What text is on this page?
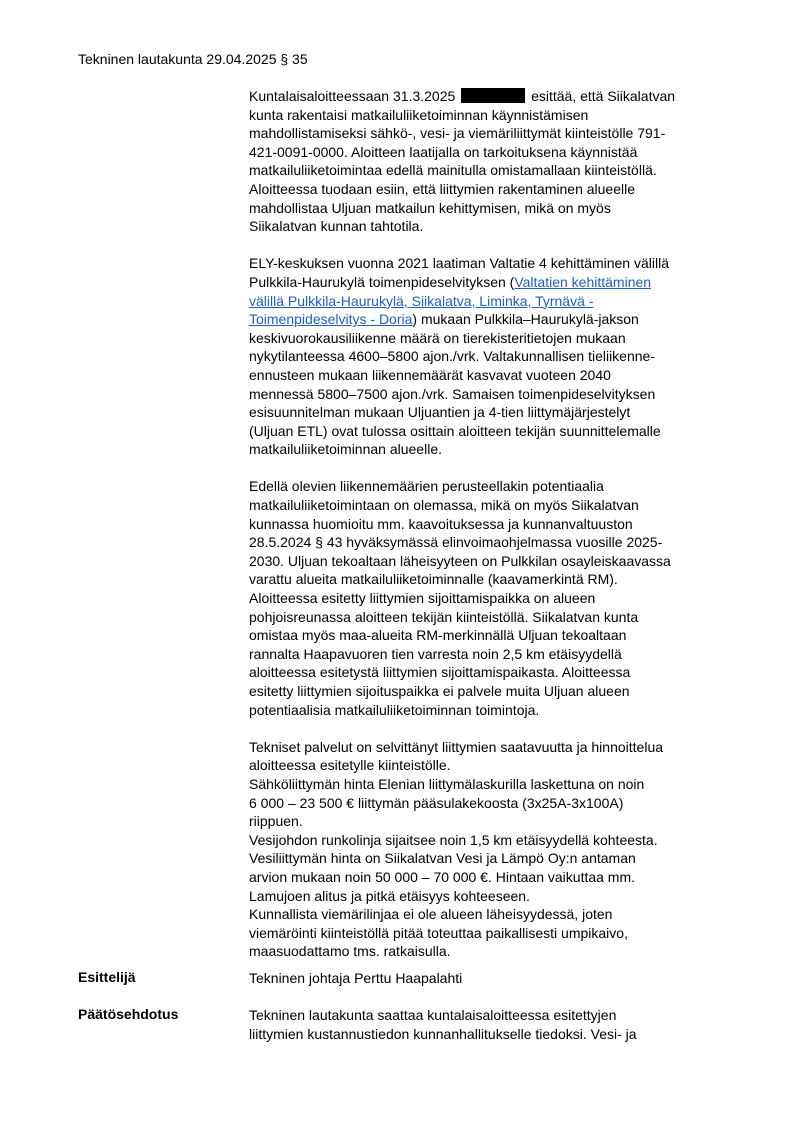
Tekninen lautakunta 29.04.2025 § 35
Kuntalaisaloitteessaan 31.3.2025	esittää, että Siikalatvan
kunta rakentaisi matkailuliiketoiminnan käynnistämisen
mahdollistamiseksi sähkö-, vesi- ja viemäriliittymät kiinteistölle 791-
421-0091-0000. Aloitteen laatijalla on tarkoituksena käynnistää
matkailuliiketoimintaa edellä mainitulla omistamallaan kiinteistöllä.
Aloitteessa tuodaan esiin, että liittymien rakentaminen alueelle
mahdollistaa Uljuan matkailun kehittymisen, mikä on myös
Siikalatvan kunnan tahtotila.
ELY-keskuksen vuonna 2021 laatiman Valtatie 4 kehittäminen välillä
Pulkkila-Haurukylä toimenpideselvityksen (Valtatien kehittäminen
välillä Pulkkila-Haurukylä, Siikalatva, Liminka, Tyrnävä -
Toimenpideselvitys - Doria) mukaan Pulkkila–Haurukylä-jakson
keskivuorokausiliikenne määrä on tierekisteritietojen mukaan
nykytilanteessa 4600–5800 ajon./vrk. Valtakunnallisen tieliikenne-
ennusteen mukaan liikennemäärät kasvavat vuoteen 2040
mennessä 5800–7500 ajon./vrk. Samaisen toimenpideselvityksen
esisuunnitelman mukaan Uljuantien ja 4-tien liittymäjärjestelyt
(Uljuan ETL) ovat tulossa osittain aloitteen tekijän suunnittelemalle
matkailuliiketoiminnan alueelle.
Edellä olevien liikennemäärien perusteellakin potentiaalia
matkailuliiketoimintaan on olemassa, mikä on myös Siikalatvan
kunnassa huomioitu mm. kaavoituksessa ja kunnanvaltuuston
28.5.2024 § 43 hyväksymässä elinvoimaohjelmassa vuosille 2025-
2030. Uljuan tekoaltaan läheisyyteen on Pulkkilan osayleiskaavassa
varattu alueita matkailuliiketoiminnalle (kaavamerkintä RM).
Aloitteessa esitetty liittymien sijoittamispaikka on alueen
pohjoisreunassa aloitteen tekijän kiinteistöllä. Siikalatvan kunta
omistaa myös maa-alueita RM-merkinnällä Uljuan tekoaltaan
rannalta Haapavuoren tien varresta noin 2,5 km etäisyydellä
aloitteessa esitetystä liittymien sijoittamispaikasta. Aloitteessa
esitetty liittymien sijoituspaikka ei palvele muita Uljuan alueen
potentiaalisia matkailuliiketoiminnan toimintoja.
Tekniset palvelut on selvittänyt liittymien saatavuutta ja hinnoittelua
aloitteessa esitetylle kiinteistölle.
Sähköliittymän hinta Elenian liittymälaskurilla laskettuna on noin
6 000 – 23 500 € liittymän pääsulakekoosta (3x25A-3x100A)
riippuen.
Vesijohdon runkolinja sijaitsee noin 1,5 km etäisyydellä kohteesta.
Vesiliittymän hinta on Siikalatvan Vesi ja Lämpö Oy:n antaman
arvion mukaan noin 50 000 – 70 000 €. Hintaan vaikuttaa mm.
Lamujoen alitus ja pitkä etäisyys kohteeseen.
Kunnallista viemärilinjaa ei ole alueen läheisyydessä, joten
viemäröinti kiinteistöllä pitää toteuttaa paikallisesti umpikaivo,
maasuodattamo tms. ratkaisulla.
Esittelijä	Tekninen johtaja Perttu Haapalahti
Päätösehdotus	Tekninen lautakunta saattaa kuntalaisaloitteessa esitettyjen
liittymien kustannustiedon kunnanhallitukselle tiedoksi. Vesi- ja
